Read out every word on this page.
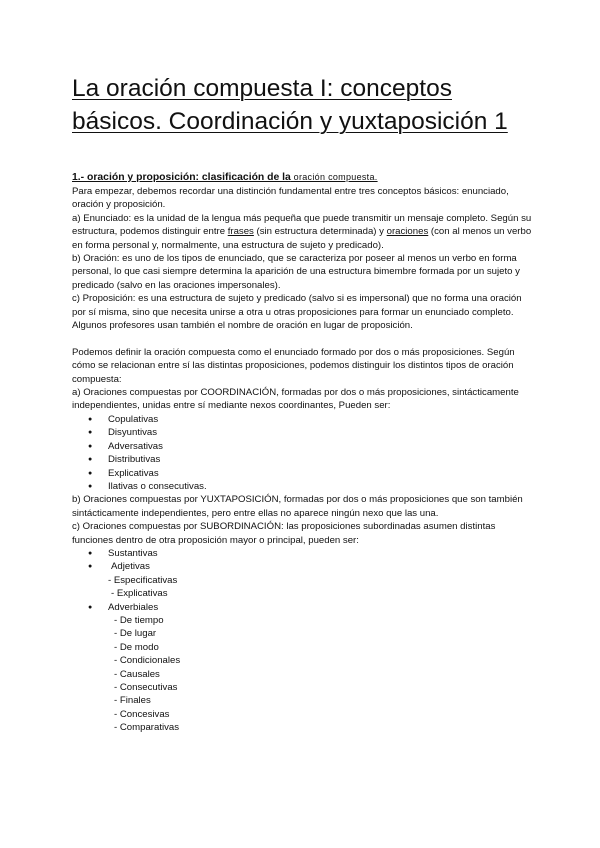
La oración compuesta I: conceptos básicos. Coordinación y yuxtaposición 1
1.- oración y proposición: clasificación de la oración compuesta.

Para empezar, debemos recordar una distinción fundamental entre tres conceptos básicos: enunciado, oración y proposición.

a) Enunciado: es la unidad de la lengua más pequeña que puede transmitir un mensaje completo. Según su estructura, podemos distinguir entre frases (sin estructura determinada) y oraciones (con al menos un verbo en forma personal y, normalmente, una estructura de sujeto y predicado).

b) Oración: es uno de los tipos de enunciado, que se caracteriza por poseer al menos un verbo en forma personal, lo que casi siempre determina la aparición de una estructura bimembre formada por un sujeto y predicado (salvo en las oraciones impersonales).

c) Proposición: es una estructura de sujeto y predicado (salvo si es impersonal) que no forma una oración por sí misma, sino que necesita unirse a otra u otras proposiciones para formar un enunciado completo. Algunos profesores usan también el nombre de oración en lugar de proposición.

Podemos definir la oración compuesta como el enunciado formado por dos o más proposiciones. Según cómo se relacionan entre sí las distintas proposiciones, podemos distinguir los distintos tipos de oración compuesta:

a) Oraciones compuestas por COORDINACIÓN, formadas por dos o más proposiciones, sintácticamente independientes, unidas entre sí mediante nexos coordinantes, Pueden ser:

● Copulativas
● Disyuntivas
● Adversativas
● Distributivas
● Explicativas
● Ilativas o consecutivas.

b) Oraciones compuestas por YUXTAPOSICIÓN, formadas por dos o más proposiciones que son también sintácticamente independientes, pero entre ellas no aparece ningún nexo que las una.

c) Oraciones compuestas por SUBORDINACIÓN: las proposiciones subordinadas asumen distintas funciones dentro de otra proposición mayor o principal, pueden ser:

● Sustantivas
● Adjetivas
- Especificativas
- Explicativas
● Adverbiales
- De tiempo
- De lugar
- De modo
- Condicionales
- Causales
- Consecutivas
- Finales
- Concesivas
- Comparativas
